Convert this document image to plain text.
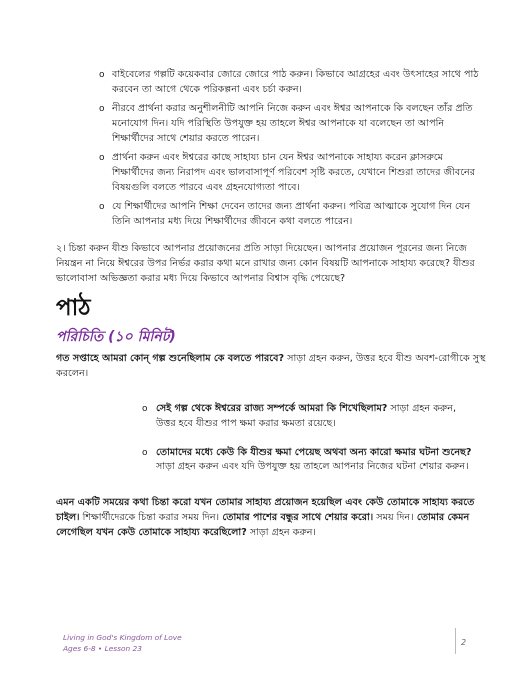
o বাইবেলের গল্পটি কয়েকবার জোরে জোরে পাঠ করুন। কিভাবে আগ্রহের এবং উৎসাহের সাথে পাঠ করবেন তা আগে থেকে পরিকল্পনা এবং চর্চা করুন।
o নীরবে প্রার্থনা করার অনুশীলনীটি আপনি নিজে করুন এবং ঈশ্বর আপনাকে কি বলছেন তাঁর প্রতি মনোযোগ দিন। যদি পরিস্থিতি উপযুক্ত হয় তাহলে ঈশ্বর আপনাকে যা বলেছেন তা আপনি শিক্ষার্থীদের সাথে শেয়ার করতে পারেন।
o প্রার্থনা করুন এবং ঈশ্বরের কাছে সাহায্য চান যেন ঈশ্বর আপনাকে সাহায্য করেন ক্লাসরুমে শিক্ষার্থীদের জন্য নিরাপদ এবং ভালবাসাপূর্ণ পরিবেশ সৃষ্টি করতে, যেখানে শিশুরা তাদের জীবনের বিষয়গুলি বলতে পারবে এবং গ্রহনযোগ্যতা পাবে।
o যে শিক্ষার্থীদের আপনি শিক্ষা দেবেন তাদের জন্য প্রার্থনা করুন। পবিত্র আত্মাকে সুযোগ দিন যেন তিনি আপনার মধ্য দিয়ে শিক্ষার্থীদের জীবনে কথা বলতে পারেন।

২। চিন্তা করুন যীশু কিভাবে আপনার প্রয়োজনের প্রতি সাড়া দিয়েছেন। আপনার প্রয়োজন পূরনের জন্য নিজে নিয়ন্ত্রন না নিয়ে ঈশ্বরের উপর নির্ভর করার কথা মনে রাখার জন্য কোন বিষয়টি আপনাকে সাহায্য করেছে? যীশুর ভালোবাসা অভিজ্ঞতা করার মধ্য দিয়ে কিভাবে আপনার বিশ্বাস বৃদ্ধি পেয়েছে?

পাঠ
পরিচিতি (১০ মিনিট)

গত সপ্তাহে আমরা কোন্‌ গল্প শুনেছিলাম কে বলতে পারবে? সাড়া গ্রহন করুন, উত্তর হবে যীশু অবশ-রোগীকে সুস্থ করলেন।

o সেই গল্প থেকে ঈশ্বরের রাজ্য সম্পর্কে আমরা কি শিখেছিলাম? সাড়া গ্রহন করুন, উত্তর হবে যীশুর পাপ ক্ষমা করার ক্ষমতা রয়েছে।
o তোমাদের মধ্যে কেউ কি যীশুর ক্ষমা পেয়েছ অথবা অন্য কারো ক্ষমার ঘটনা শুনেছ? সাড়া গ্রহন করুন এবং যদি উপযুক্ত হয় তাহলে আপনার নিজের ঘটনা শেয়ার করুন।

এমন একটি সময়ের কথা চিন্তা করো যখন তোমার সাহায্য প্রয়োজন হয়েছিল এবং কেউ তোমাকে সাহায্য করতে চাইল। শিক্ষার্থীদেরকে চিন্তা করার সময় দিন। তোমার পাশের বন্ধুর সাথে শেয়ার করো। সময় দিন। তোমার কেমন লেগেছিল যখন কেউ তোমাকে সাহায্য করেছিলো? সাড়া গ্রহন করুন।

Living in God's Kingdom of Love
Ages 6-8 • Lesson 23
2
